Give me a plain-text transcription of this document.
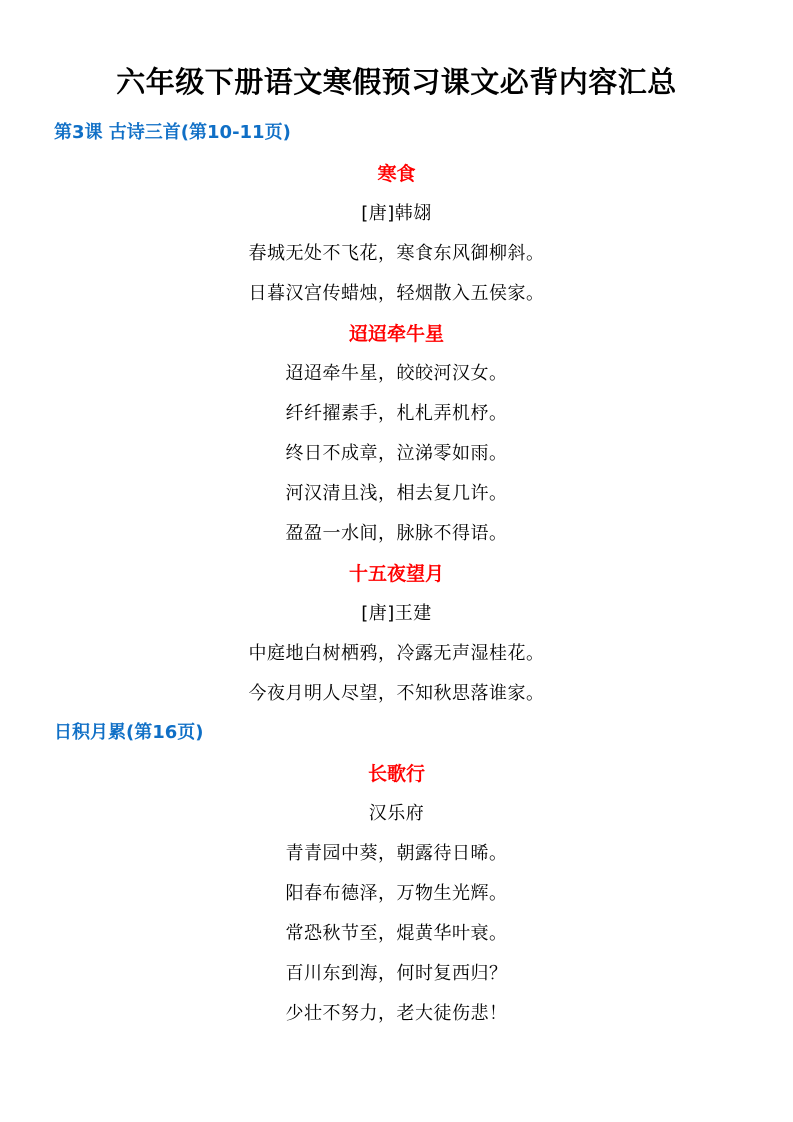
六年级下册语文寒假预习课文必背内容汇总
第3课 古诗三首(第10-11页)
寒食
[唐]韩翃
春城无处不飞花，寒食东风御柳斜。
日暮汉宫传蜡烛，轻烟散入五侯家。
迢迢牵牛星
迢迢牵牛星，皎皎河汉女。
纤纤擢素手，札札弄机杼。
终日不成章，泣涕零如雨。
河汉清且浅，相去复几许。
盈盈一水间，脉脉不得语。
十五夜望月
[唐]王建
中庭地白树栖鸦，冷露无声湿桂花。
今夜月明人尽望，不知秋思落谁家。
日积月累(第16页)
长歌行
汉乐府
青青园中葵，朝露待日晞。
阳春布德泽，万物生光辉。
常恐秋节至，焜黄华叶衰。
百川东到海，何时复西归？
少壮不努力，老大徒伤悲！
